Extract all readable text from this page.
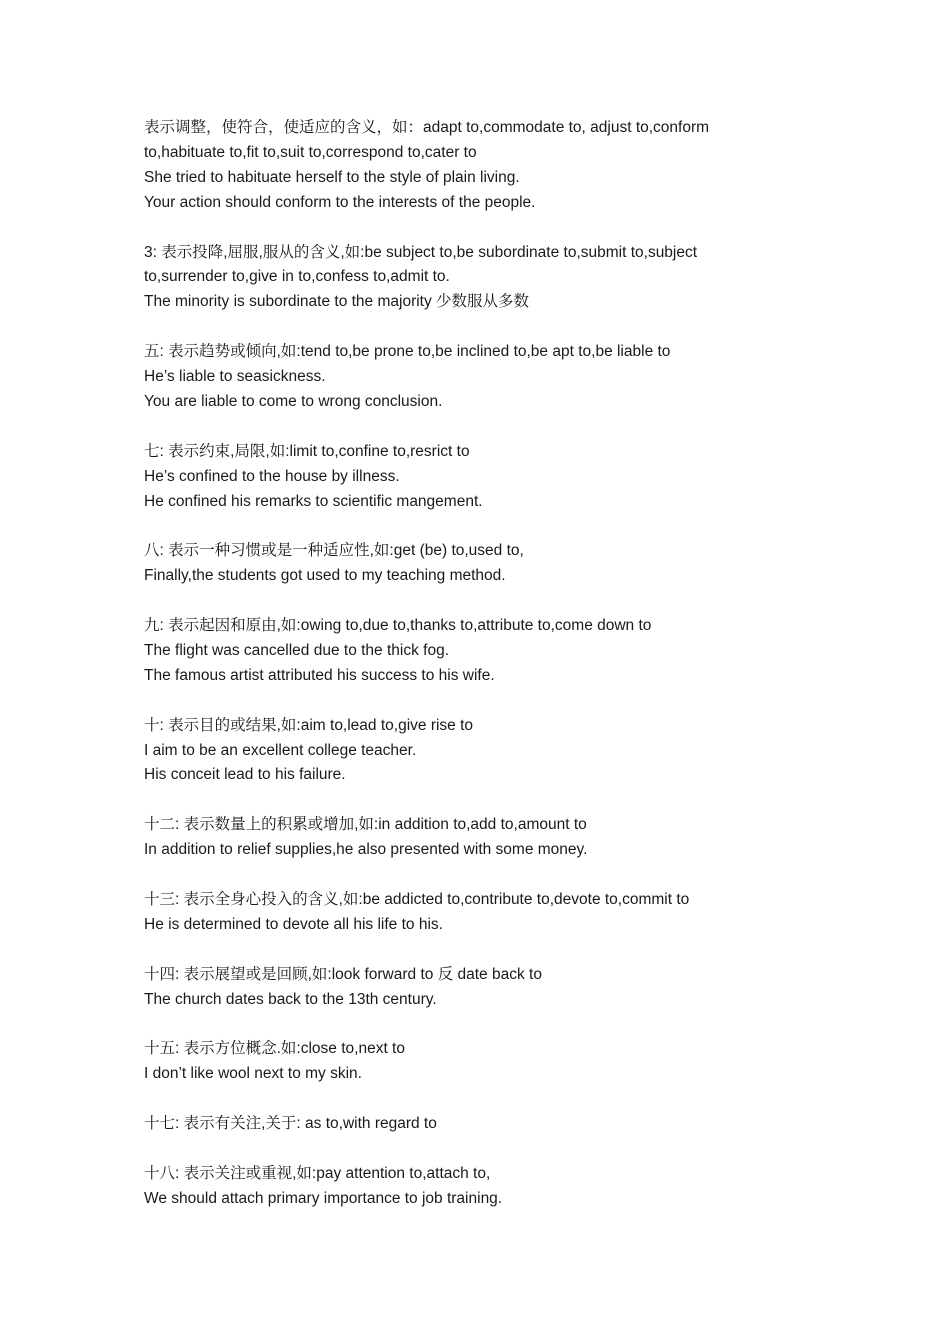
表示调整，使符合，使适应的含义，如：adapt to,commodate to, adjust to,conform
to,habituate to,fit to,suit to,correspond to,cater to
She tried to habituate herself to the style of plain living.
Your action should conform to the interests of the people.
3: 表示投降,屈服,服从的含义,如:be subject to,be subordinate to,submit to,subject
to,surrender to,give in to,confess to,admit to.
The minority is subordinate to the majority 少数服从多数
五: 表示趋势或倾向,如:tend to,be prone to,be inclined to,be apt to,be liable to
He’s liable to seasickness.
You are liable to come to wrong conclusion.
七: 表示约束,局限,如:limit to,confine to,resrict to
He’s confined to the house by illness.
He confined his remarks to scientific mangement.
八: 表示一种习惯或是一种适应性,如:get (be) to,used to,
Finally,the students got used to my teaching method.
九: 表示起因和原由,如:owing to,due to,thanks to,attribute to,come down to
The flight was cancelled due to the thick fog.
The famous artist attributed his success to his wife.
十: 表示目的或结果,如:aim to,lead to,give rise to
I aim to be an excellent college teacher.
His conceit lead to his failure.
十二: 表示数量上的积累或增加,如:in addition to,add to,amount to
In addition to relief supplies,he also presented with some money.
十三: 表示全身心投入的含义,如:be addicted to,contribute to,devote to,commit to
He is determined to devote all his life to his.
十四: 表示展望或是回顾,如:look forward to 反 date back to
The church dates back to the 13th century.
十五: 表示方位概念.如:close to,next to
I don’t like wool next to my skin.
十七: 表示有关注,关于: as to,with regard to
十八: 表示关注或重视,如:pay attention to,attach to,
We should attach primary importance to job training.
